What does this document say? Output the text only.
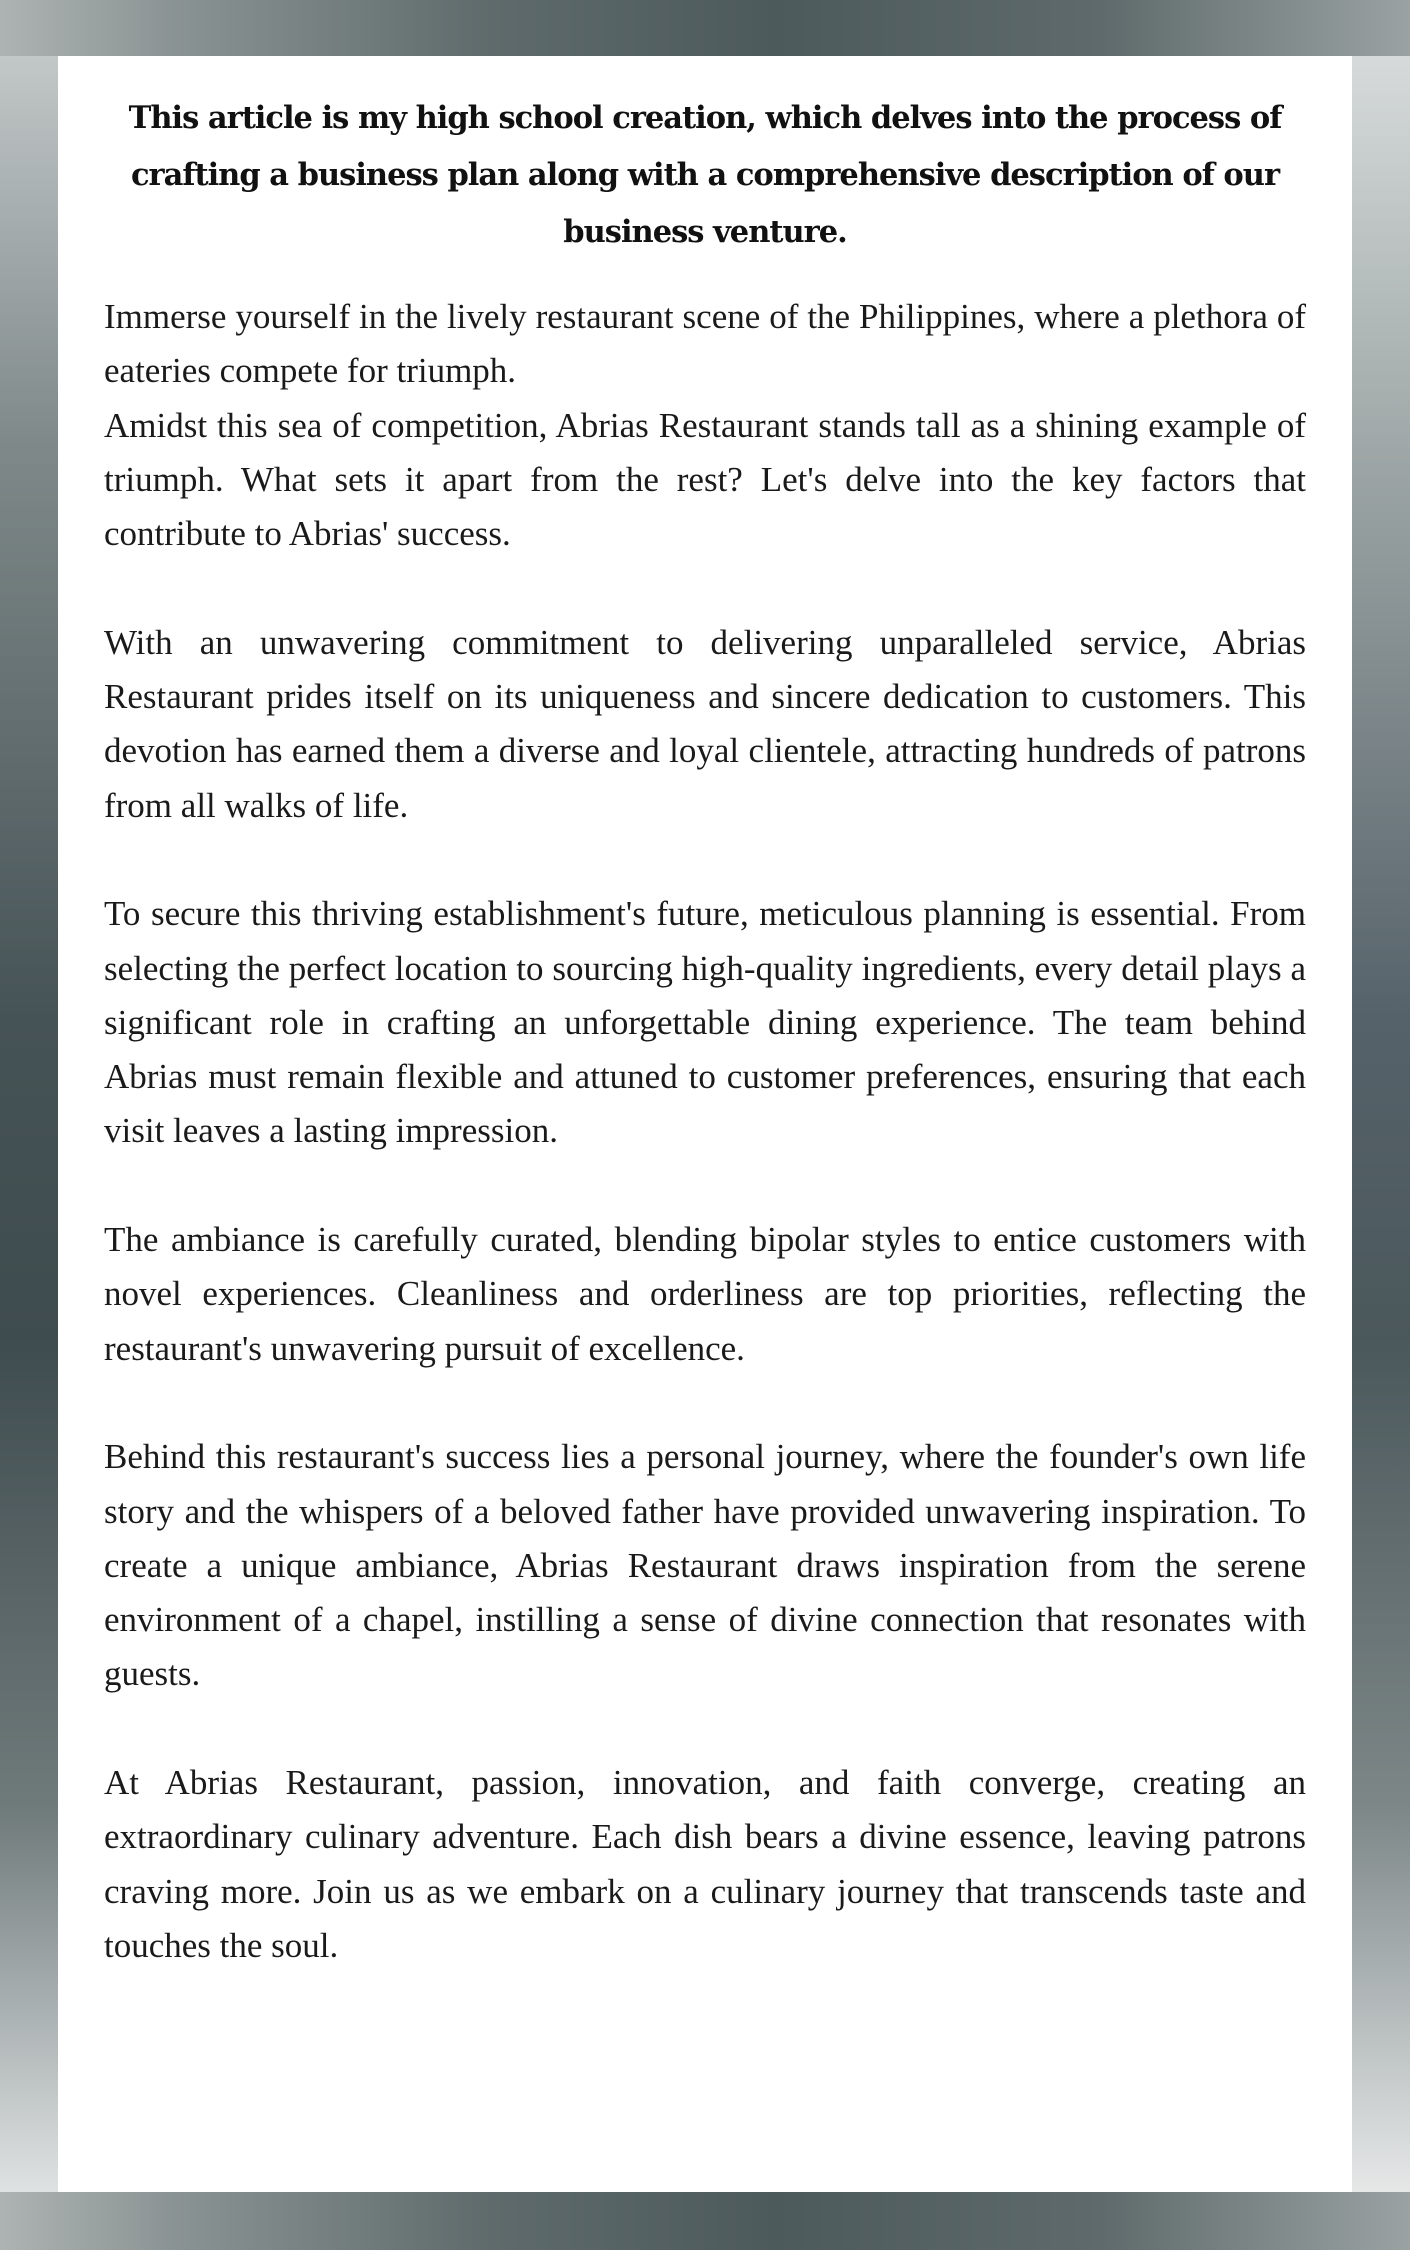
This article is my high school creation, which delves into the process of crafting a business plan along with a comprehensive description of our business venture.

Immerse yourself in the lively restaurant scene of the Philippines, where a plethora of eateries compete for triumph.

Amidst this sea of competition, Abrias Restaurant stands tall as a shining example of triumph. What sets it apart from the rest? Let's delve into the key factors that contribute to Abrias' success.

With an unwavering commitment to delivering unparalleled service, Abrias Restaurant prides itself on its uniqueness and sincere dedication to customers. This devotion has earned them a diverse and loyal clientele, attracting hundreds of patrons from all walks of life.

To secure this thriving establishment's future, meticulous planning is essential. From selecting the perfect location to sourcing high-quality ingredients, every detail plays a significant role in crafting an unforgettable dining experience. The team behind Abrias must remain flexible and attuned to customer preferences, ensuring that each visit leaves a lasting impression.

The ambiance is carefully curated, blending bipolar styles to entice customers with novel experiences. Cleanliness and orderliness are top priorities, reflecting the restaurant's unwavering pursuit of excellence.

Behind this restaurant's success lies a personal journey, where the founder's own life story and the whispers of a beloved father have provided unwavering inspiration. To create a unique ambiance, Abrias Restaurant draws inspiration from the serene environment of a chapel, instilling a sense of divine connection that resonates with guests.

At Abrias Restaurant, passion, innovation, and faith converge, creating an extraordinary culinary adventure. Each dish bears a divine essence, leaving patrons craving more. Join us as we embark on a culinary journey that transcends taste and touches the soul.
